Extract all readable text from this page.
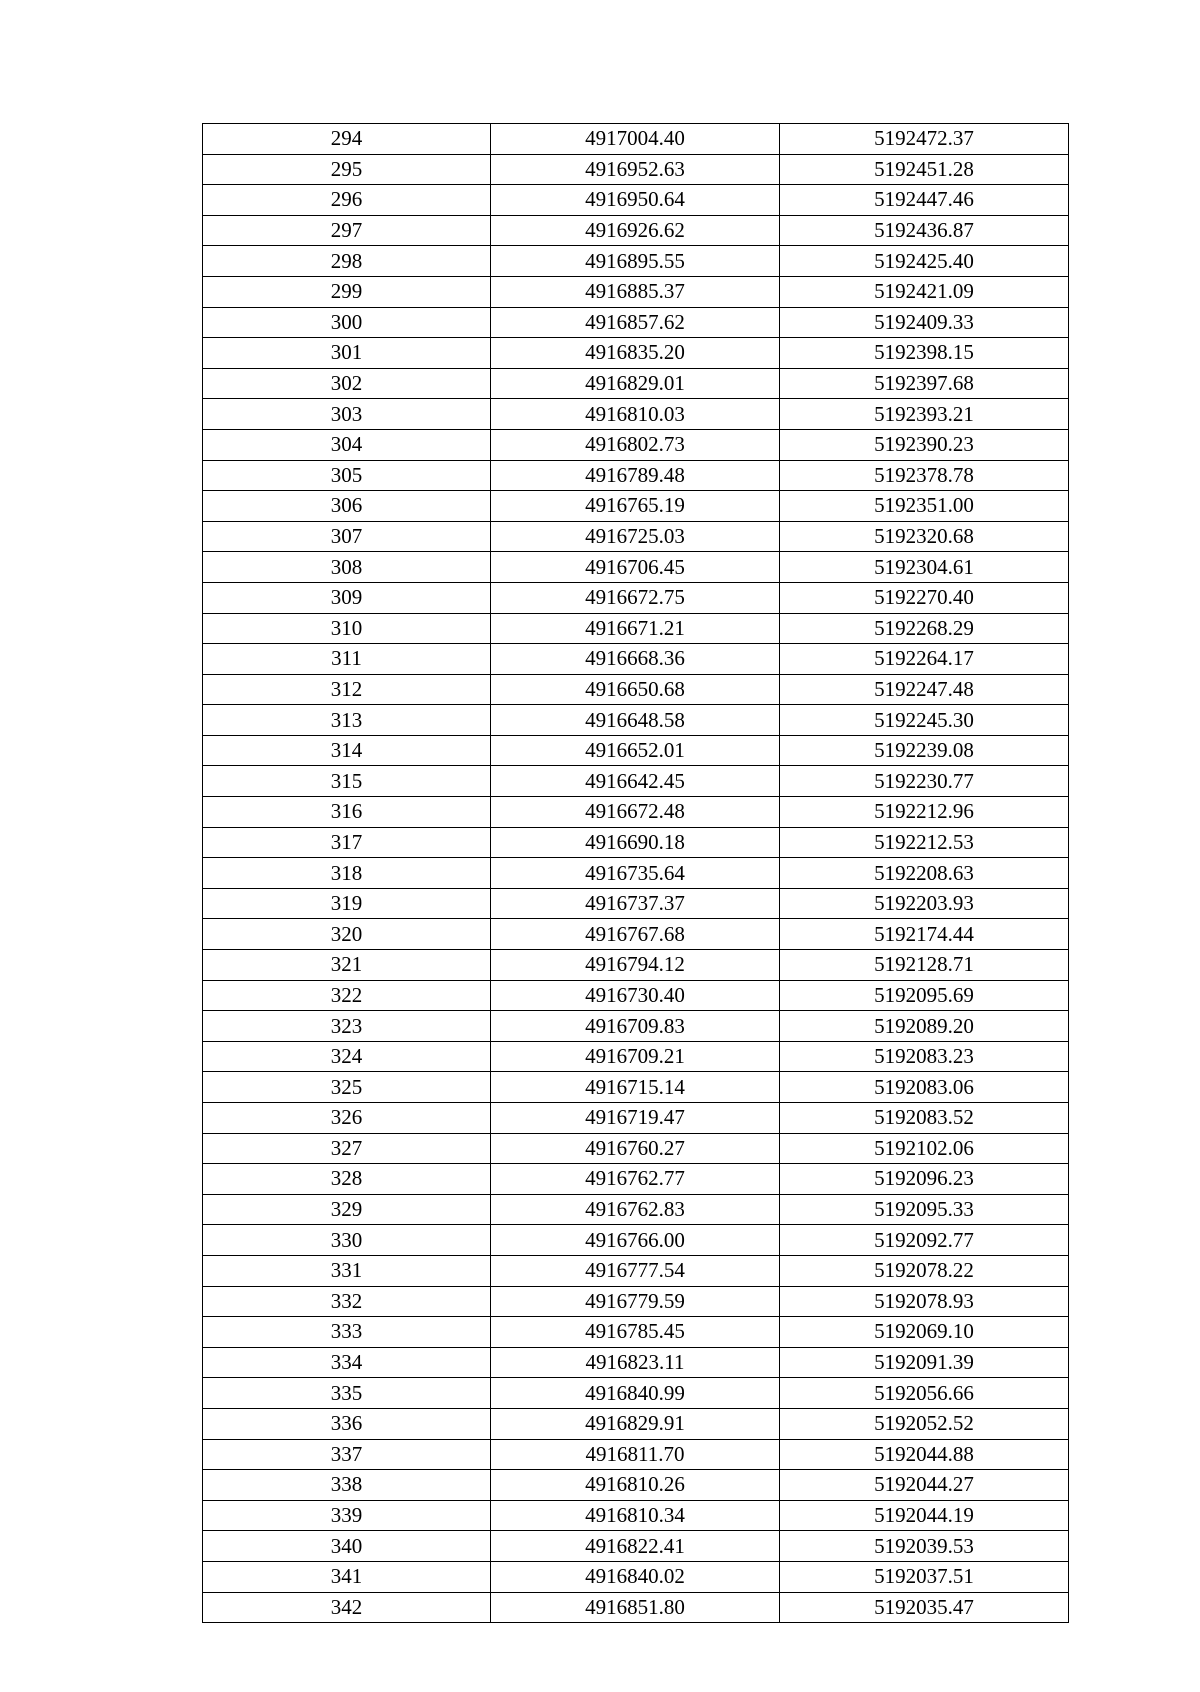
294	4917004.40	5192472.37
295	4916952.63	5192451.28
296	4916950.64	5192447.46
297	4916926.62	5192436.87
298	4916895.55	5192425.40
299	4916885.37	5192421.09
300	4916857.62	5192409.33
301	4916835.20	5192398.15
302	4916829.01	5192397.68
303	4916810.03	5192393.21
304	4916802.73	5192390.23
305	4916789.48	5192378.78
306	4916765.19	5192351.00
307	4916725.03	5192320.68
308	4916706.45	5192304.61
309	4916672.75	5192270.40
310	4916671.21	5192268.29
311	4916668.36	5192264.17
312	4916650.68	5192247.48
313	4916648.58	5192245.30
314	4916652.01	5192239.08
315	4916642.45	5192230.77
316	4916672.48	5192212.96
317	4916690.18	5192212.53
318	4916735.64	5192208.63
319	4916737.37	5192203.93
320	4916767.68	5192174.44
321	4916794.12	5192128.71
322	4916730.40	5192095.69
323	4916709.83	5192089.20
324	4916709.21	5192083.23
325	4916715.14	5192083.06
326	4916719.47	5192083.52
327	4916760.27	5192102.06
328	4916762.77	5192096.23
329	4916762.83	5192095.33
330	4916766.00	5192092.77
331	4916777.54	5192078.22
332	4916779.59	5192078.93
333	4916785.45	5192069.10
334	4916823.11	5192091.39
335	4916840.99	5192056.66
336	4916829.91	5192052.52
337	4916811.70	5192044.88
338	4916810.26	5192044.27
339	4916810.34	5192044.19
340	4916822.41	5192039.53
341	4916840.02	5192037.51
342	4916851.80	5192035.47
